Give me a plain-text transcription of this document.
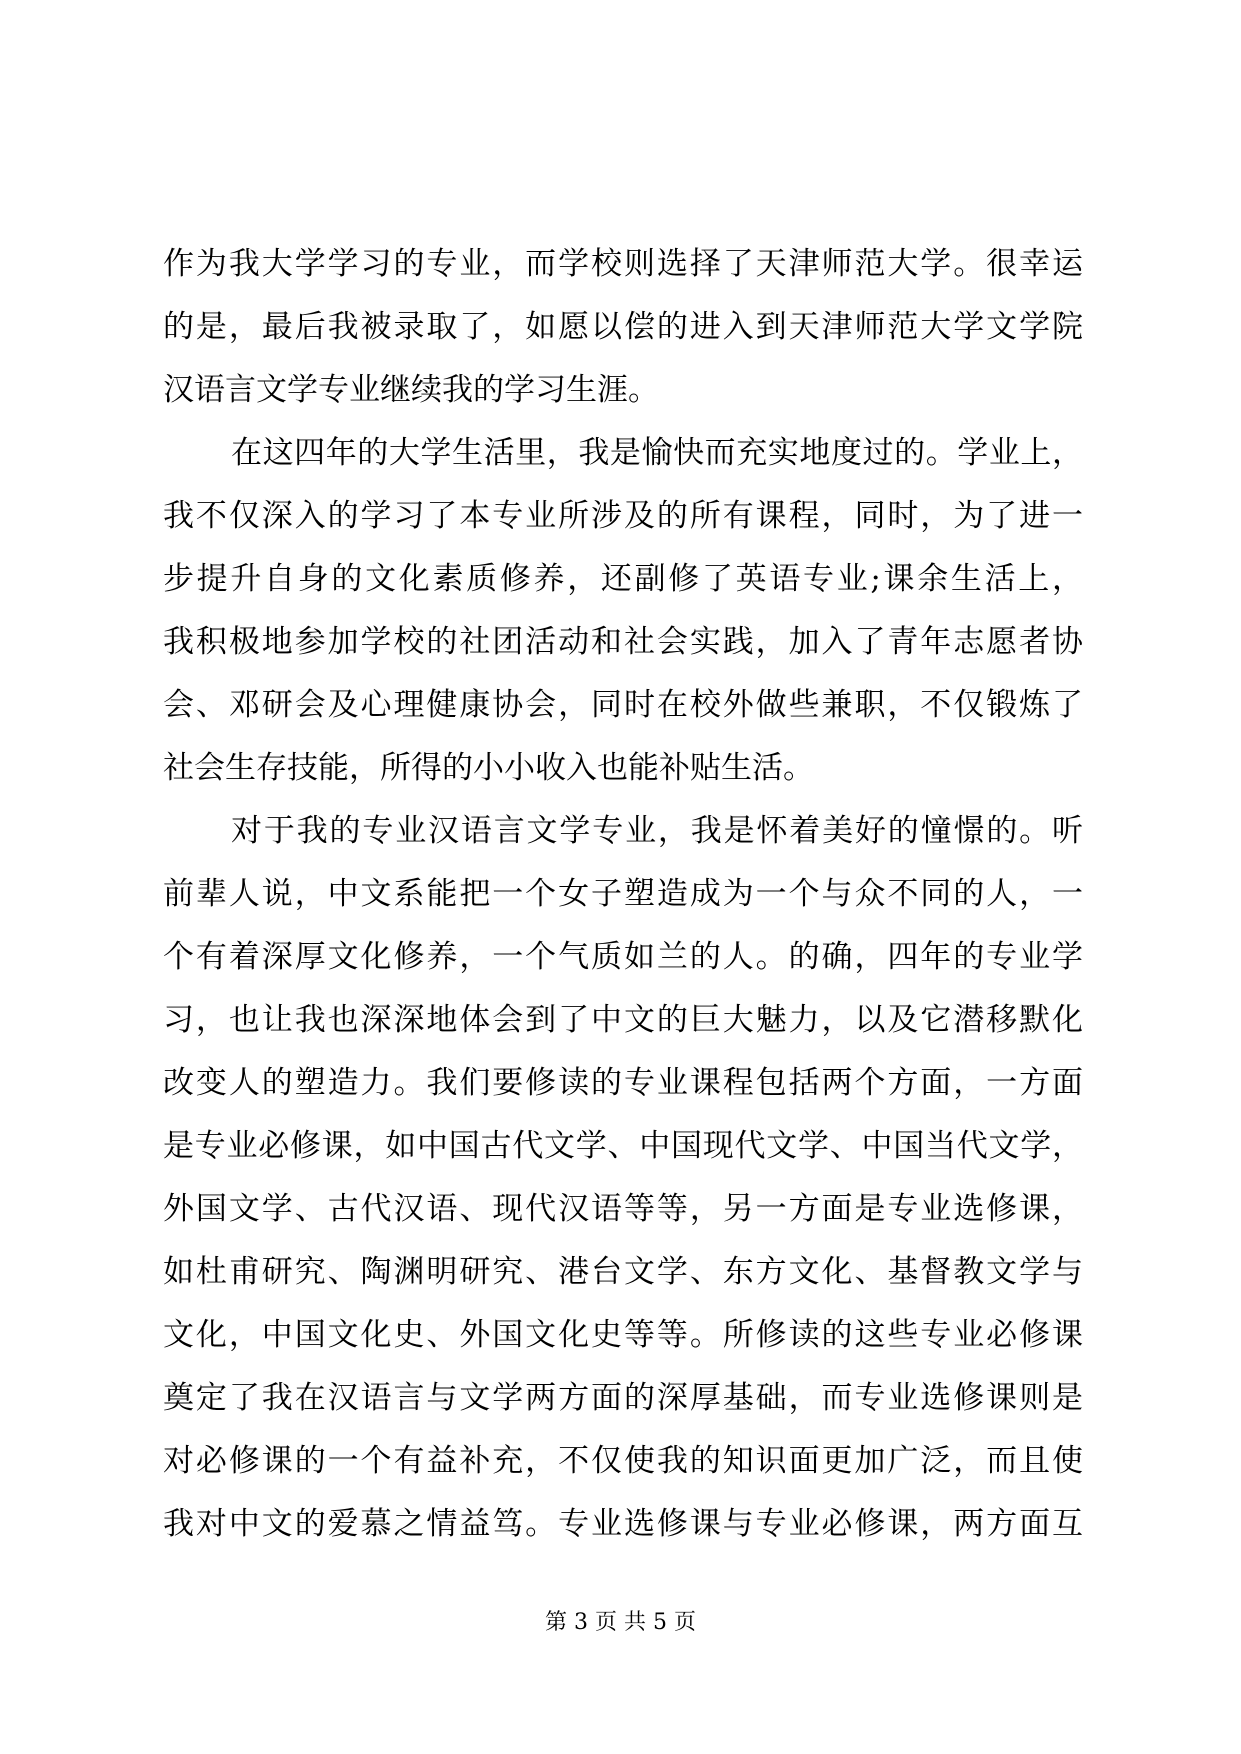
作为我大学学习的专业，而学校则选择了天津师范大学。很幸运
的是，最后我被录取了，如愿以偿的进入到天津师范大学文学院
汉语言文学专业继续我的学习生涯。
在这四年的大学生活里，我是愉快而充实地度过的。学业上，
我不仅深入的学习了本专业所涉及的所有课程，同时，为了进一
步提升自身的文化素质修养，还副修了英语专业;课余生活上，
我积极地参加学校的社团活动和社会实践，加入了青年志愿者协
会、邓研会及心理健康协会，同时在校外做些兼职，不仅锻炼了
社会生存技能，所得的小小收入也能补贴生活。
对于我的专业汉语言文学专业，我是怀着美好的憧憬的。听
前辈人说，中文系能把一个女子塑造成为一个与众不同的人，一
个有着深厚文化修养，一个气质如兰的人。的确，四年的专业学
习，也让我也深深地体会到了中文的巨大魅力，以及它潜移默化
改变人的塑造力。我们要修读的专业课程包括两个方面，一方面
是专业必修课，如中国古代文学、中国现代文学、中国当代文学，
外国文学、古代汉语、现代汉语等等，另一方面是专业选修课，
如杜甫研究、陶渊明研究、港台文学、东方文化、基督教文学与
文化，中国文化史、外国文化史等等。所修读的这些专业必修课
奠定了我在汉语言与文学两方面的深厚基础，而专业选修课则是
对必修课的一个有益补充，不仅使我的知识面更加广泛，而且使
我对中文的爱慕之情益笃。专业选修课与专业必修课，两方面互
第 3 页 共 5 页
